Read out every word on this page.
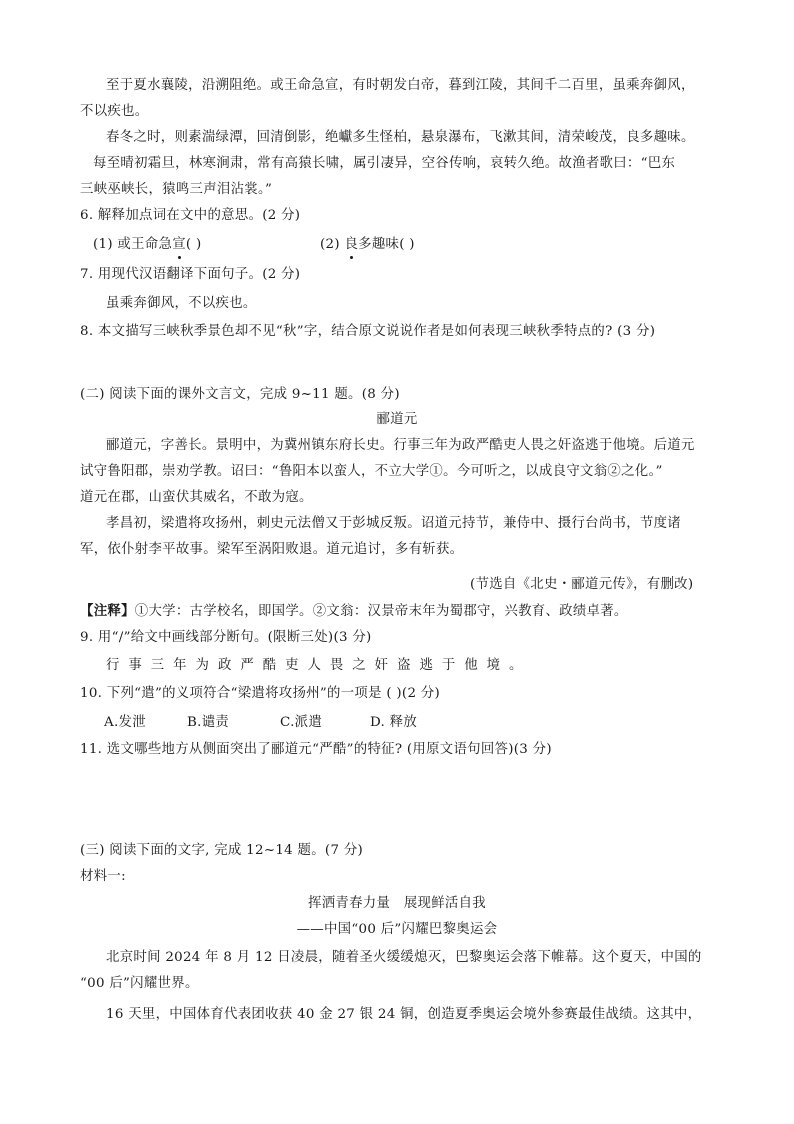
至于夏水襄陵，沿溯阻绝。或王命急宣，有时朝发白帝，暮到江陵，其间千二百里，虽乘奔御风，
不以疾也。
春冬之时，则素湍绿潭，回清倒影，绝巘多生怪柏，悬泉瀑布，飞漱其间，清荣峻茂，良多趣味。
每至晴初霜旦，林寒涧肃，常有高猿长啸，属引凄异，空谷传响，哀转久绝。故渔者歌曰：“巴东
三峡巫峡长，猿鸣三声泪沾裳。”
6. 解释加点词在文中的意思。(2 分)
(1) 或王命急宣( )	(2) 良多趣味( )
7. 用现代汉语翻译下面句子。(2 分)
虽乘奔御风，不以疾也。
8. 本文描写三峡秋季景色却不见“秋”字，结合原文说说作者是如何表现三峡秋季特点的? (3 分)
(二) 阅读下面的课外文言文，完成 9~11 题。(8 分)
郦道元
郦道元，字善长。景明中，为冀州镇东府长史。行事三年为政严酷吏人畏之奸盗逃于他境。后道元
试守鲁阳郡，崇劝学教。诏曰：“鲁阳本以蛮人，不立大学①。今可听之，以成良守文翁②之化。”
道元在郡，山蛮伏其威名，不敢为寇。
孝昌初，梁遣将攻扬州，刺史元法僧又于彭城反叛。诏道元持节，兼侍中、摄行台尚书，节度诸
军，依仆射李平故事。梁军至涡阳败退。道元追讨，多有斩获。
(节选自《北史・郦道元传》，有删改)
【注释】①大学：古学校名，即国学。②文翁：汉景帝末年为蜀郡守，兴教育、政绩卓著。
9. 用“/”给文中画线部分断句。(限断三处)(3 分)
行事三年为政严酷吏人畏之奸盗逃于他境。
10. 下列“遣”的义项符合“梁遣将攻扬州”的一项是 ( )(2 分)
A.发泄	B.谴责	C.派遣	D. 释放
11. 选文哪些地方从侧面突出了郦道元“严酷”的特征? (用原文语句回答)(3 分)
(三) 阅读下面的文字, 完成 12~14 题。(7 分)
材料一:
挥洒青春力量　展现鲜活自我
——中国“00 后”闪耀巴黎奥运会
北京时间 2024 年 8 月 12 日凌晨，随着圣火缓缓熄灭，巴黎奥运会落下帷幕。这个夏天，中国的
“00 后”闪耀世界。
16 天里，中国体育代表团收获 40 金 27 银 24 铜，创造夏季奥运会境外参赛最佳战绩。这其中，
